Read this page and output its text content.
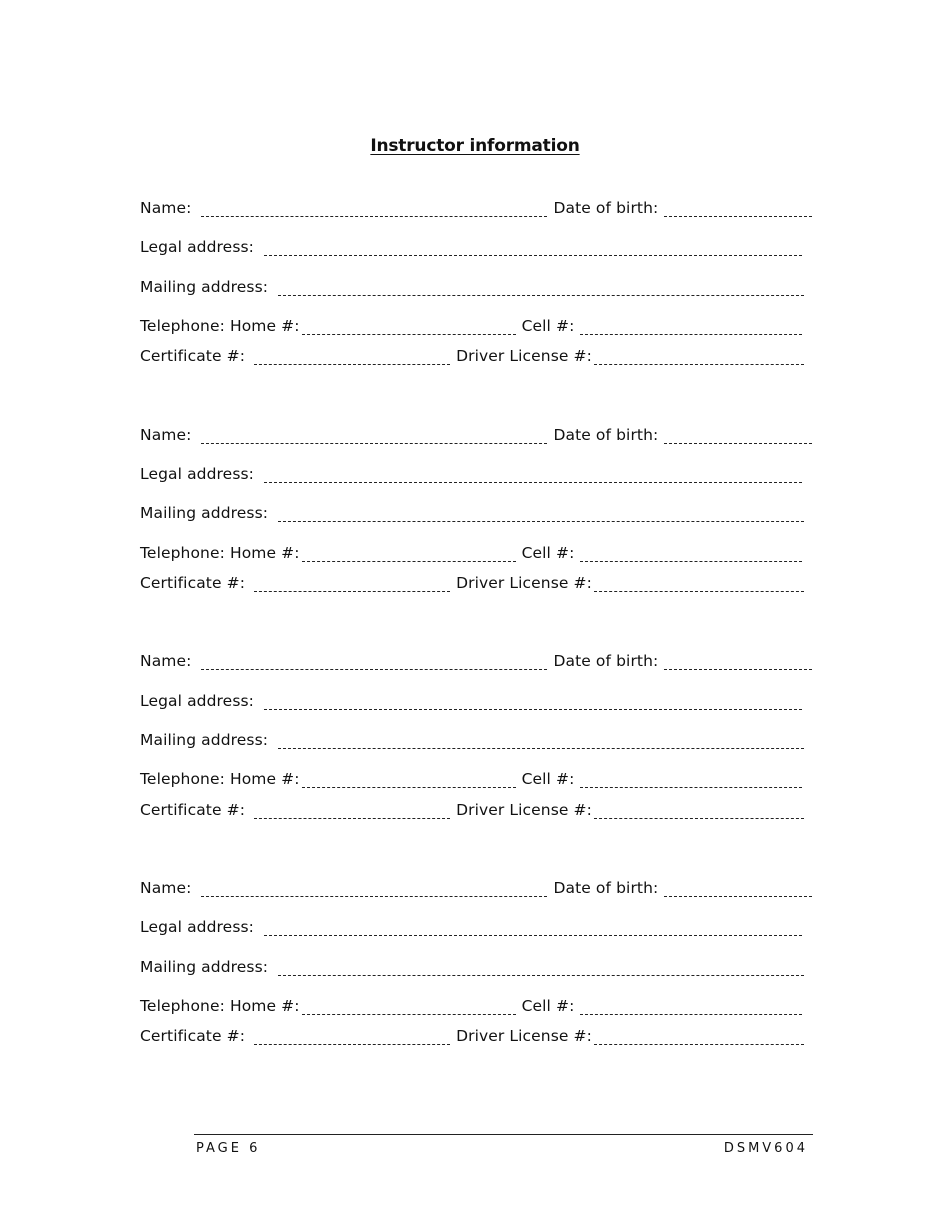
Instructor information
Name:	Date of birth:
Legal address:
Mailing address:
Telephone: Home #:	Cell #:
Certificate #:	Driver License #:
Name:	Date of birth:
Legal address:
Mailing address:
Telephone: Home #:	Cell #:
Certificate #:	Driver License #:
Name:	Date of birth:
Legal address:
Mailing address:
Telephone: Home #:	Cell #:
Certificate #:	Driver License #:
Name:	Date of birth:
Legal address:
Mailing address:
Telephone: Home #:	Cell #:
Certificate #:	Driver License #:
PAGE 6	DSMV604
